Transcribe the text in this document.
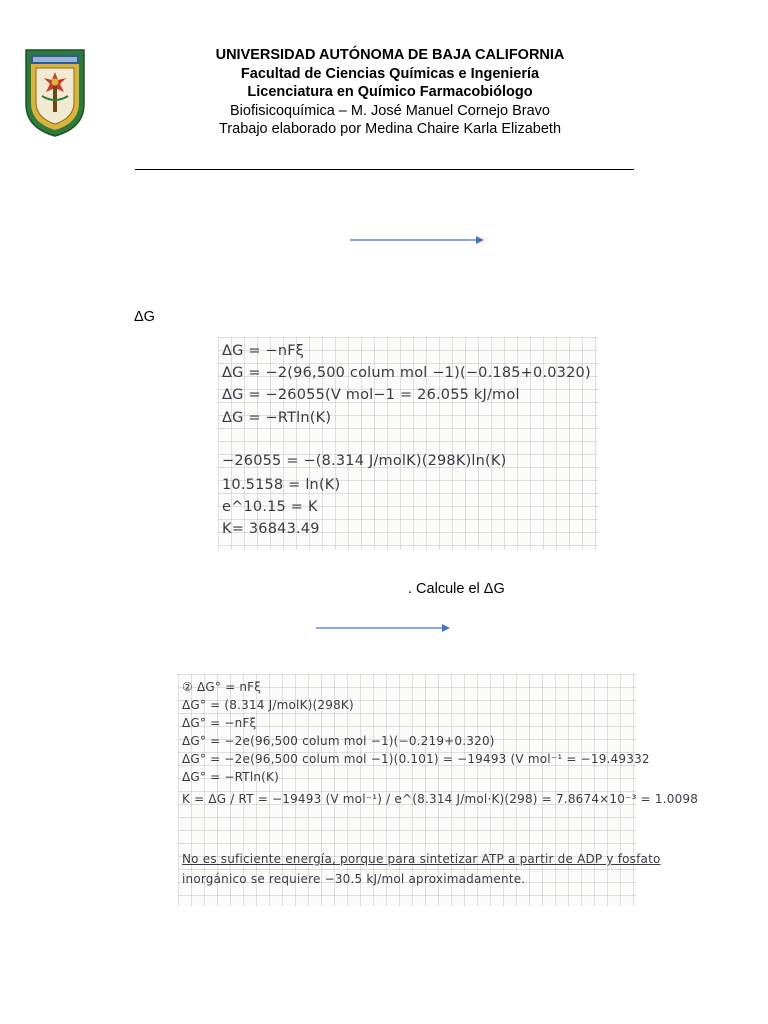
UNIVERSIDAD AUTÓNOMA DE BAJA CALIFORNIA
Facultad de Ciencias Químicas e Ingeniería
Licenciatura en Químico Farmacobiólogo
Biofisicoquímica – M. José Manuel Cornejo Bravo
Trabajo elaborado por Medina Chaire Karla Elizabeth
ΔG
ΔG = −nFξ
ΔG = −2(96,500 colum mol −1)(−0.185+0.0320)
ΔG = −26055(V mol−1 = 26.055 kJ/mol
ΔG = −RTln(K)
−26055 = −(8.314 J/molK)(298K)ln(K)
10.5158 = ln(K)
e^10.15 = K
K= 36843.49
. Calcule el ΔG
② ΔG° = nFξ
ΔG° = (8.314 J/molK)(298K)
ΔG° = −nFξ
ΔG° = −2e(96,500 colum mol −1)(−0.219+0.320)
ΔG° = −2e(96,500 colum mol −1)(0.101) = −19493 (V mol⁻¹ = −19.49332
ΔG° = −RTln(K)
K = ΔG / RT = −19493 (V mol⁻¹) / e^(8.314 J/mol·K)(298) = 7.8674×10⁻³ = 1.0098
No es suficiente energía, porque para sintetizar ATP a partir de ADP y fosfato
inorgánico se requiere −30.5 kJ/mol aproximadamente.
